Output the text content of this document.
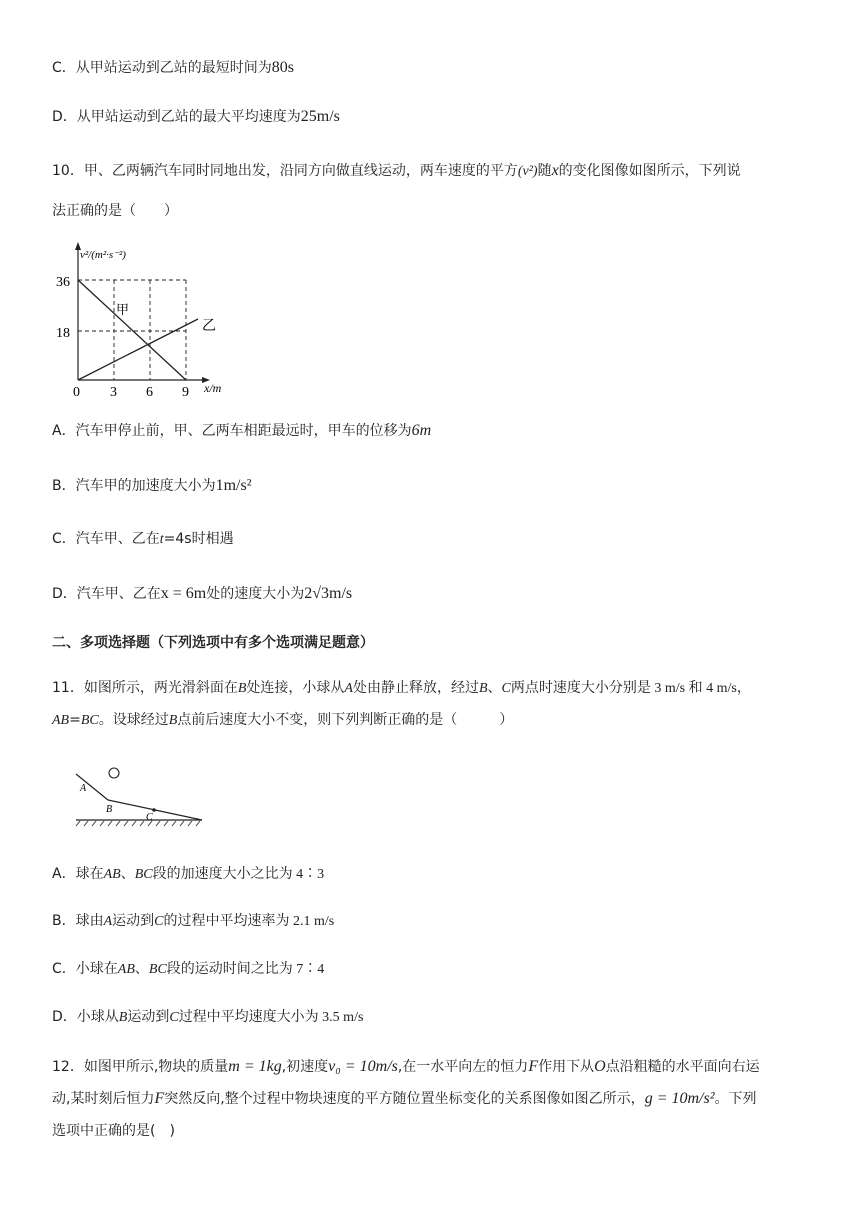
C．从甲站运动到乙站的最短时间为80s
D．从甲站运动到乙站的最大平均速度为25m/s
10．甲、乙两辆汽车同时同地出发，沿同方向做直线运动，两车速度的平方(v²)随x的变化图像如图所示，下列说
法正确的是（　　）
v²/(m²·s⁻²)
36
18
0 3 6 9 x/m
甲
乙
A．汽车甲停止前，甲、乙两车相距最远时，甲车的位移为6m
B．汽车甲的加速度大小为1m/s²
C．汽车甲、乙在t=4s时相遇
D．汽车甲、乙在x = 6m处的速度大小为2√3m/s
二、多项选择题（下列选项中有多个选项满足题意）
11．如图所示，两光滑斜面在B处连接，小球从A处由静止释放，经过B、C两点时速度大小分别是 3 m/s 和 4 m/s，
AB=BC。设球经过B点前后速度大小不变，则下列判断正确的是（　　　）
A
B
C
A．球在AB、BC段的加速度大小之比为 4∶3
B．球由A运动到C的过程中平均速率为 2.1 m/s
C．小球在AB、BC段的运动时间之比为 7∶4
D．小球从B运动到C过程中平均速度大小为 3.5 m/s
12．如图甲所示,物块的质量m = 1kg,初速度v₀ = 10m/s,在一水平向左的恒力F作用下从O点沿粗糙的水平面向右运
动,某时刻后恒力F突然反向,整个过程中物块速度的平方随位置坐标变化的关系图像如图乙所示，g = 10m/s²。下列
选项中正确的是(　)
